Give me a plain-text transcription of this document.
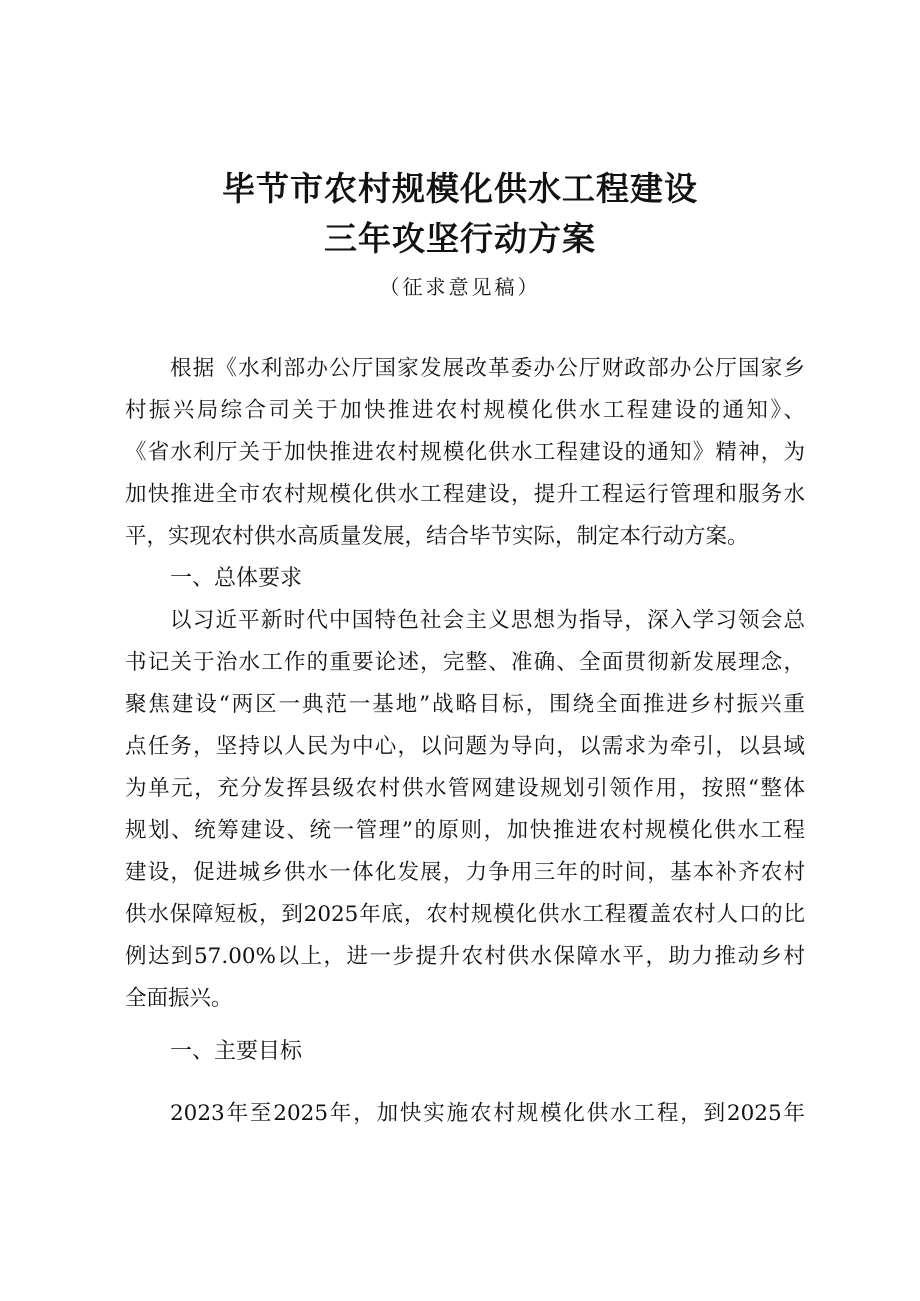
毕节市农村规模化供水工程建设
三年攻坚行动方案
（征求意见稿）
根据《水利部办公厅国家发展改革委办公厅财政部办公厅国家乡
村振兴局综合司关于加快推进农村规模化供水工程建设的通知》、
《省水利厅关于加快推进农村规模化供水工程建设的通知》精神，为
加快推进全市农村规模化供水工程建设，提升工程运行管理和服务水
平，实现农村供水高质量发展，结合毕节实际，制定本行动方案。
一、总体要求
以习近平新时代中国特色社会主义思想为指导，深入学习领会总
书记关于治水工作的重要论述，完整、准确、全面贯彻新发展理念，
聚焦建设“两区一典范一基地”战略目标，围绕全面推进乡村振兴重
点任务，坚持以人民为中心，以问题为导向，以需求为牵引，以县域
为单元，充分发挥县级农村供水管网建设规划引领作用，按照“整体
规划、统筹建设、统一管理”的原则，加快推进农村规模化供水工程
建设，促进城乡供水一体化发展，力争用三年的时间，基本补齐农村
供水保障短板，到2025年底，农村规模化供水工程覆盖农村人口的比
例达到57.00%以上，进一步提升农村供水保障水平，助力推动乡村
全面振兴。
一、主要目标
2023年至2025年，加快实施农村规模化供水工程，到2025年
